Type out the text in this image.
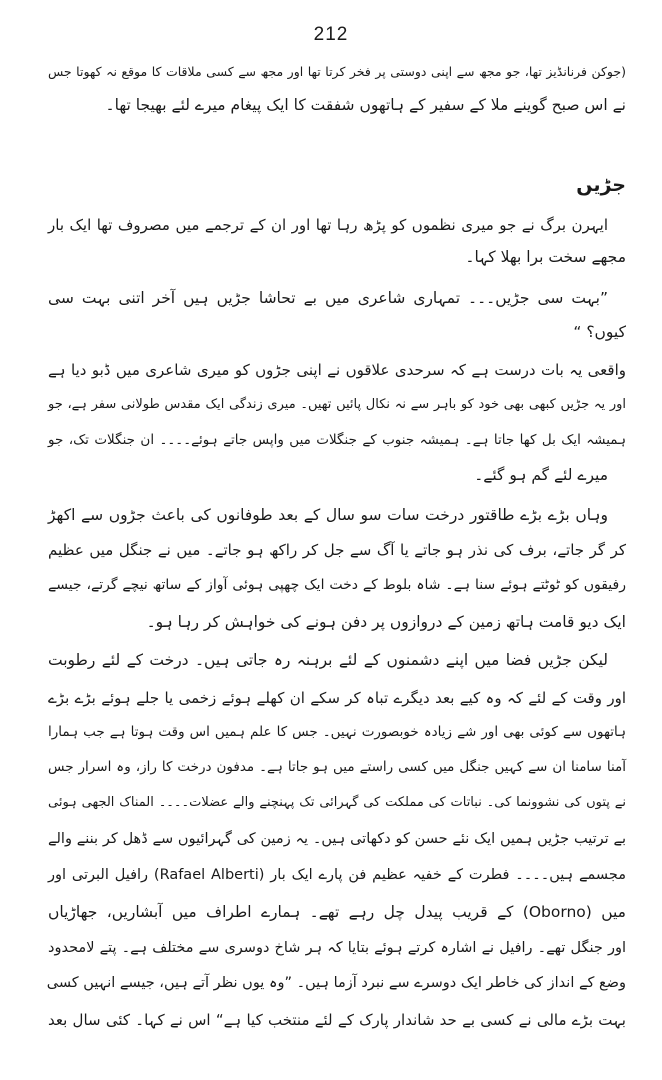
212
(جوکن فرنانڈیز تھا، جو مجھ سے اپنی دوستی پر فخر کرتا تھا اور مجھ سے کسی ملاقات کا موقع نہ کھوتا جس
نے اس صبح گوینے ملا کے سفیر کے ہاتھوں شفقت کا ایک پیغام میرے لئے بھیجا تھا۔
جڑیں
ایہرن برگ نے جو میری نظموں کو پڑھ رہا تھا اور ان کے ترجمے میں مصروف تھا ایک بار
مجھے سخت برا بھلا کہا۔
”بہت سی جڑیں۔۔۔ تمہاری شاعری میں بے تحاشا جڑیں ہیں آخر اتنی بہت سی
کیوں؟ “
واقعی یہ بات درست ہے کہ سرحدی علاقوں نے اپنی جڑوں کو میری شاعری میں ڈبو دیا ہے
اور یہ جڑیں کبھی بھی خود کو باہر سے نہ نکال پائیں تھیں۔ میری زندگی ایک مقدس طولانی سفر ہے، جو
ہمیشہ ایک بل کھا جاتا ہے۔ ہمیشہ جنوب کے جنگلات میں واپس جاتے ہوئے۔۔۔۔ ان جنگلات تک، جو
میرے لئے گم ہو گئے۔
وہاں بڑے بڑے طاقتور درخت سات سو سال کے بعد طوفانوں کی باعث جڑوں سے اکھڑ
کر گر جاتے، برف کی نذر ہو جاتے یا آگ سے جل کر راکھ ہو جاتے۔ میں نے جنگل میں عظیم
رفیقوں کو ٹوٹتے ہوئے سنا ہے۔ شاہ بلوط کے دخت ایک چھپی ہوئی آواز کے ساتھ نیچے گرتے، جیسے
ایک دیو قامت ہاتھ زمین کے دروازوں پر دفن ہونے کی خواہش کر رہا ہو۔
لیکن جڑیں فضا میں اپنے دشمنوں کے لئے برہنہ رہ جاتی ہیں۔ درخت کے لئے رطوبت
اور وقت کے لئے کہ وہ کیے بعد دیگرے تباہ کر سکے ان کھلے ہوئے زخمی یا جلے ہوئے بڑے بڑے
ہاتھوں سے کوئی بھی اور شے زیادہ خوبصورت نہیں۔ جس کا علم ہمیں اس وقت ہوتا ہے جب ہمارا
آمنا سامنا ان سے کہیں جنگل میں کسی راستے میں ہو جاتا ہے۔ مدفون درخت کا راز، وہ اسرار جس
نے پتوں کی نشوونما کی۔ نباتات کی مملکت کی گہرائی تک پہنچنے والے عضلات۔۔۔۔ المناک الجھی ہوئی
بے ترتیب جڑیں ہمیں ایک نئے حسن کو دکھاتی ہیں۔ یہ زمین کی گہرائیوں سے ڈھل کر بننے والے
مجسمے ہیں۔۔۔۔ فطرت کے خفیہ عظیم فن پارے ایک بار (Rafael Alberti) رافیل البرتی اور
میں (Oborno) کے قریب پیدل چل رہے تھے۔ ہمارے اطراف میں آبشاریں، جھاڑیاں
اور جنگل تھے۔ رافیل نے اشارہ کرتے ہوئے بتایا کہ ہر شاخ دوسری سے مختلف ہے۔ پتے لامحدود
وضع کے انداز کی خاطر ایک دوسرے سے نبرد آزما ہیں۔ ”وہ یوں نظر آتے ہیں، جیسے انہیں کسی
بہت بڑے مالی نے کسی بے حد شاندار پارک کے لئے منتخب کیا ہے“ اس نے کہا۔ کئی سال بعد
